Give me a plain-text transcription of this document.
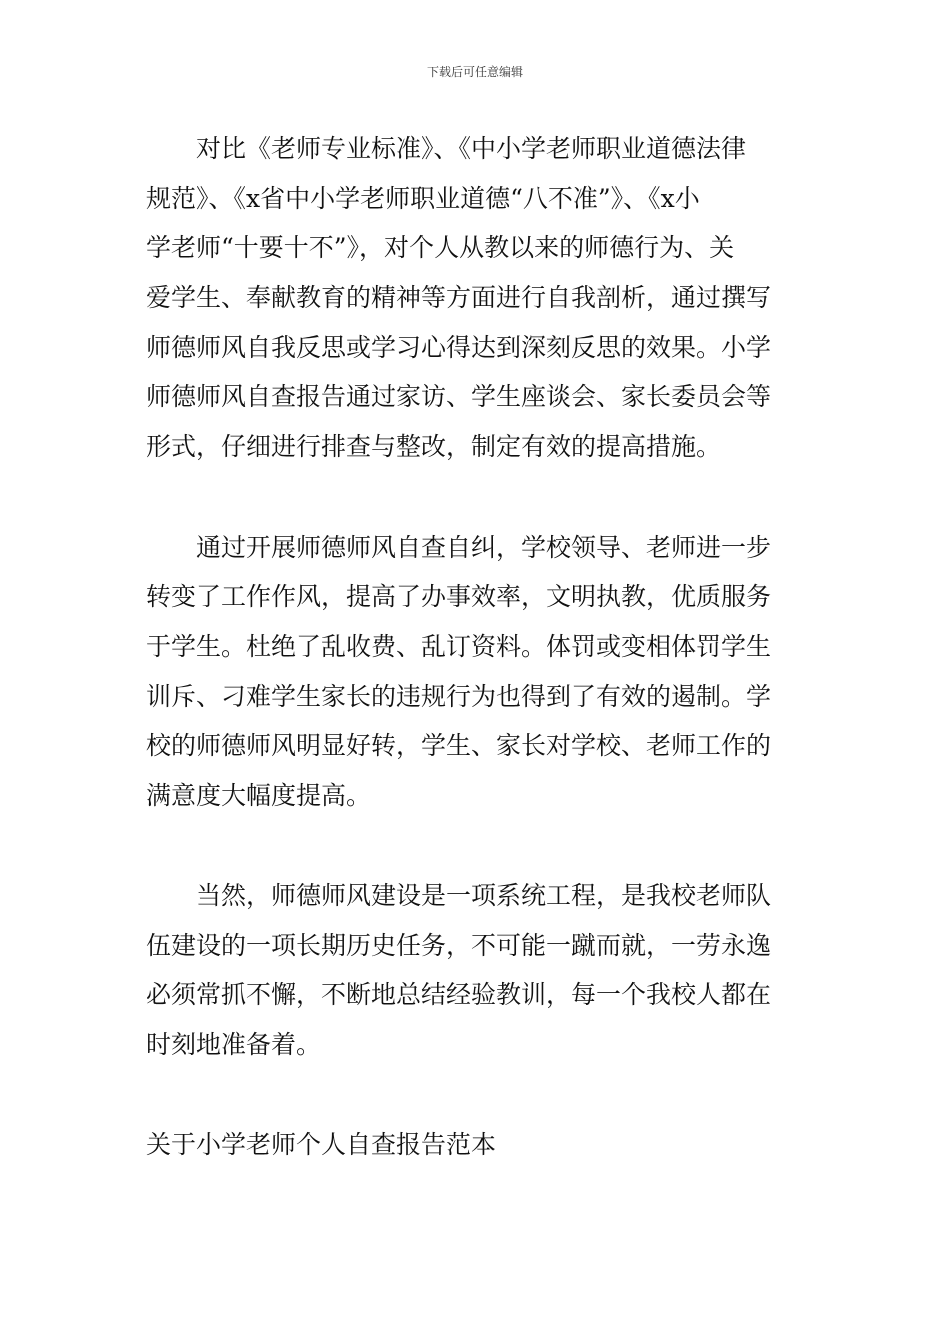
下载后可任意编辑
　　对比《老师专业标准》、《中小学老师职业道德法律
规范》、《x省中小学老师职业道德“八不准”》、《x小
学老师“十要十不”》，对个人从教以来的师德行为、关
爱学生、奉献教育的精神等方面进行自我剖析，通过撰写
师德师风自我反思或学习心得达到深刻反思的效果。小学
师德师风自查报告通过家访、学生座谈会、家长委员会等
形式，仔细进行排查与整改，制定有效的提高措施。
　　通过开展师德师风自查自纠，学校领导、老师进一步
转变了工作作风，提高了办事效率，文明执教，优质服务
于学生。杜绝了乱收费、乱订资料。体罚或变相体罚学生
训斥、刁难学生家长的违规行为也得到了有效的遏制。学
校的师德师风明显好转，学生、家长对学校、老师工作的
满意度大幅度提高。
　　当然，师德师风建设是一项系统工程，是我校老师队
伍建设的一项长期历史任务，不可能一蹴而就，一劳永逸
必须常抓不懈，不断地总结经验教训，每一个我校人都在
时刻地准备着。
关于小学老师个人自查报告范本
